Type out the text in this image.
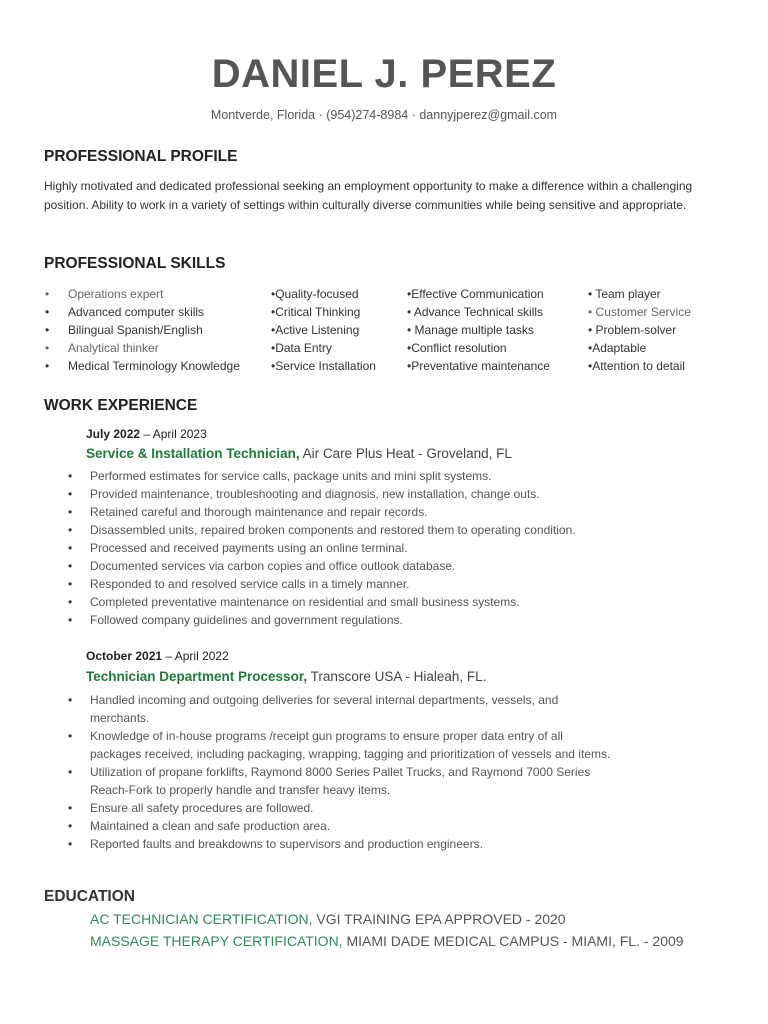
DANIEL J. PEREZ
Montverde, Florida · (954)274-8984 · dannyjperez@gmail.com
PROFESSIONAL PROFILE

Highly motivated and dedicated professional seeking an employment opportunity to make a difference within a challenging position. Ability to work in a variety of settings within culturally diverse communities while being sensitive and appropriate.

PROFESSIONAL SKILLS
• Operations expert
• Advanced computer skills
• Bilingual Spanish/English
• Analytical thinker
• Medical Terminology Knowledge
•Quality-focused
•Critical Thinking
•Active Listening
•Data Entry
•Service Installation
•Effective Communication
• Advance Technical skills
• Manage multiple tasks
•Conflict resolution
•Preventative maintenance
• Team player
• Customer Service
• Problem-solver
•Adaptable
•Attention to detail
WORK EXPERIENCE
July 2022 – April 2023
Service & Installation Technician, Air Care Plus Heat - Groveland, FL
• Performed estimates for service calls, package units and mini split systems.
• Provided maintenance, troubleshooting and diagnosis, new installation, change outs.
• Retained careful and thorough maintenance and repair records.
• Disassembled units, repaired broken components and restored them to operating condition.
• Processed and received payments using an online terminal.
• Documented services via carbon copies and office outlook database.
• Responded to and resolved service calls in a timely manner.
• Completed preventative maintenance on residential and small business systems.
• Followed company guidelines and government regulations.
October 2021 – April 2022
Technician Department Processor, Transcore USA - Hialeah, FL.
• Handled incoming and outgoing deliveries for several internal departments, vessels, and merchants.
• Knowledge of in-house programs /receipt gun programs to ensure proper data entry of all packages received, including packaging, wrapping, tagging and prioritization of vessels and items.
• Utilization of propane forklifts, Raymond 8000 Series Pallet Trucks, and Raymond 7000 Series Reach-Fork to properly handle and transfer heavy items.
• Ensure all safety procedures are followed.
• Maintained a clean and safe production area.
• Reported faults and breakdowns to supervisors and production engineers.
EDUCATION
AC TECHNICIAN CERTIFICATION, VGI TRAINING EPA APPROVED - 2020
MASSAGE THERAPY CERTIFICATION, MIAMI DADE MEDICAL CAMPUS - MIAMI, FL. - 2009
